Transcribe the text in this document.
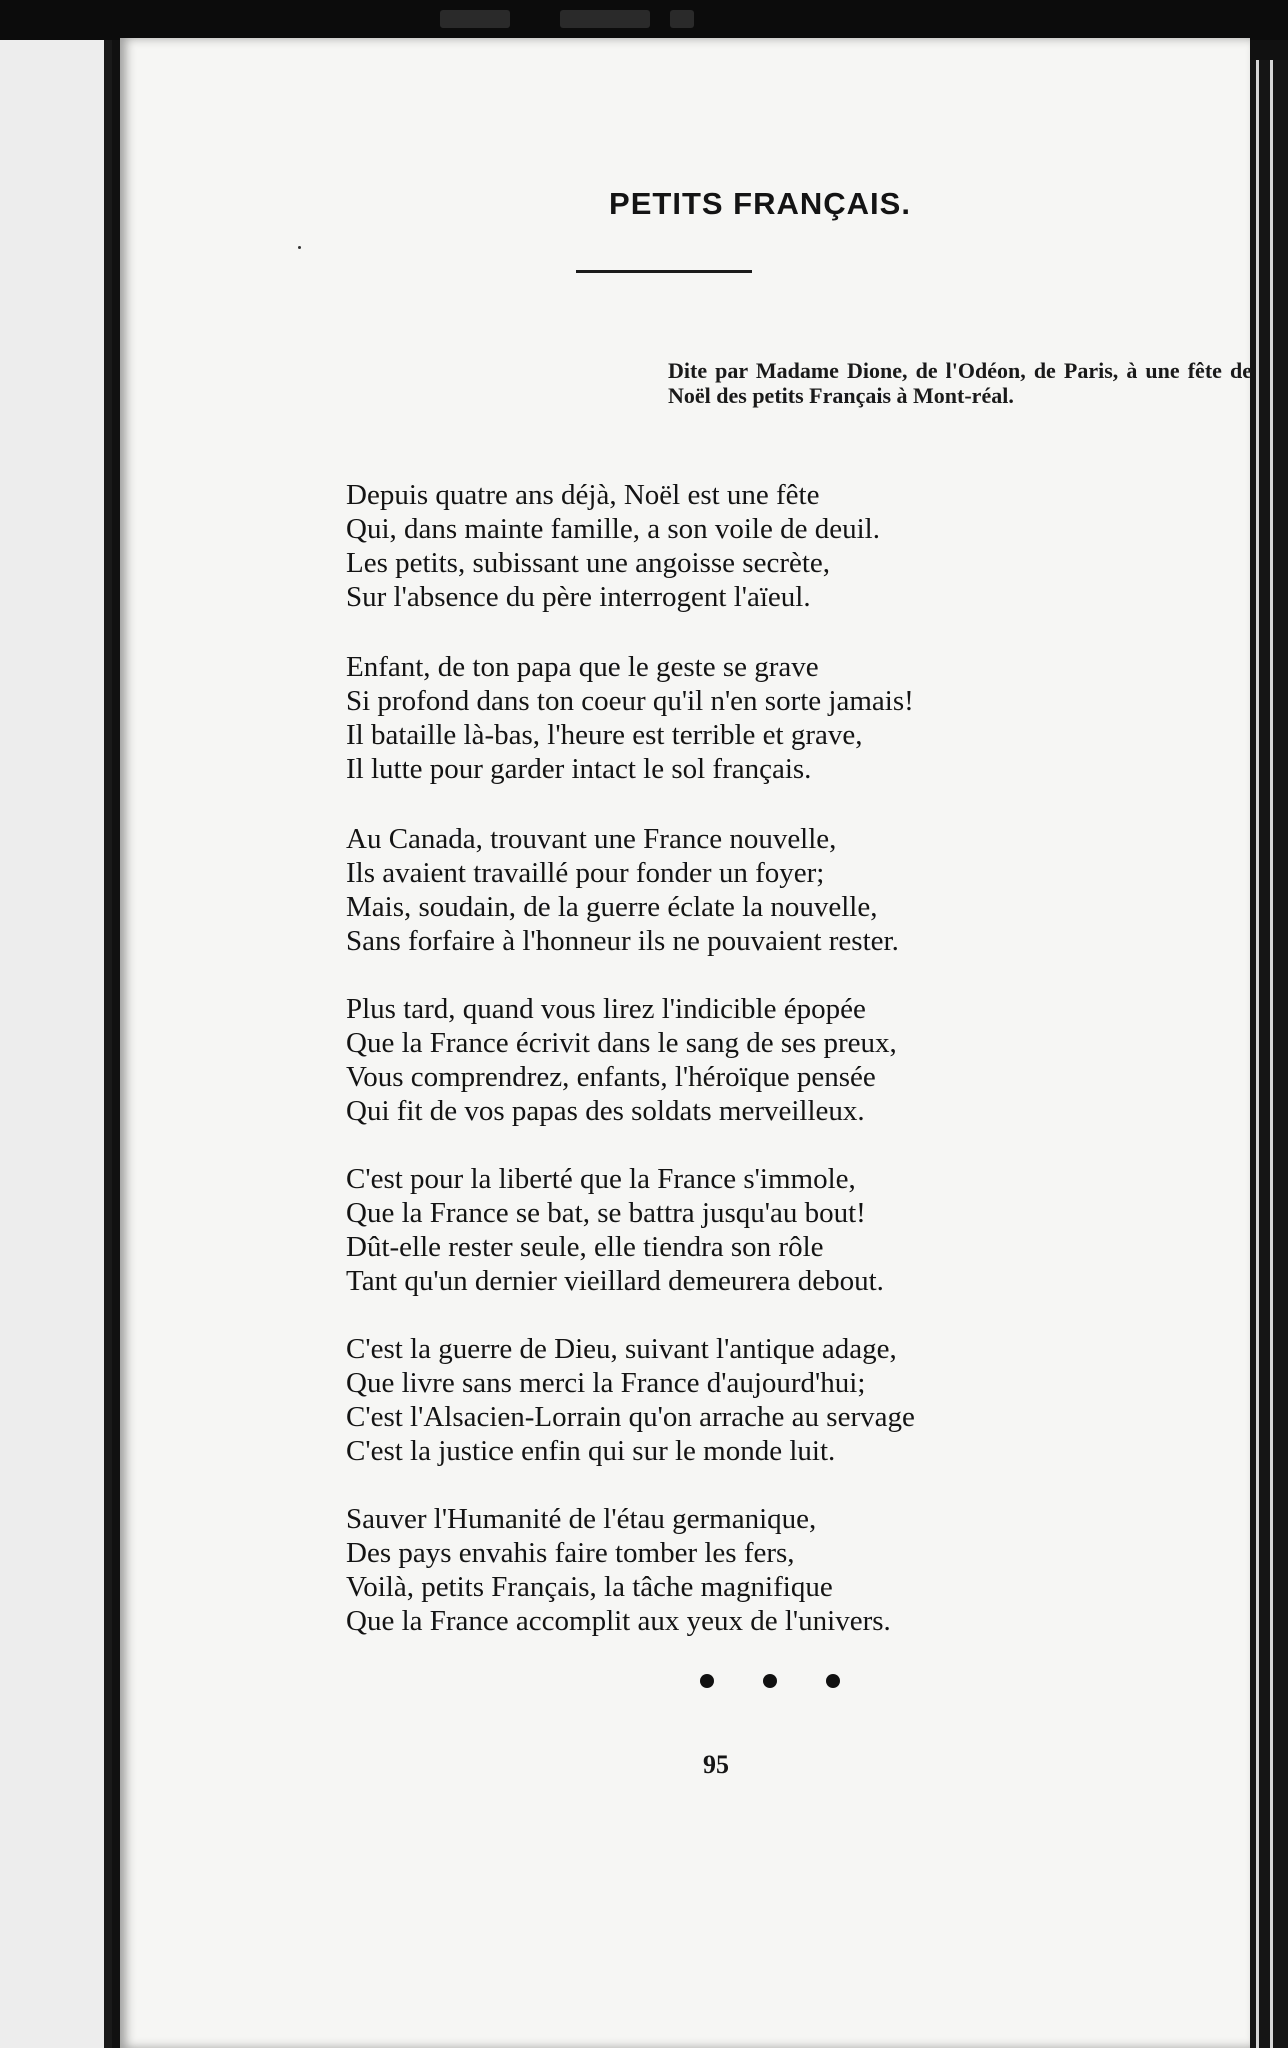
PETITS FRANÇAIS.
Dite par Madame Dione, de l'Odéon, de Paris, à une fête de Noël des petits Français à Mont-réal.
Depuis quatre ans déjà, Noël est une fête
Qui, dans mainte famille, a son voile de deuil.
Les petits, subissant une angoisse secrète,
Sur l'absence du père interrogent l'aïeul.
Enfant, de ton papa que le geste se grave
Si profond dans ton coeur qu'il n'en sorte jamais!
Il bataille là-bas, l'heure est terrible et grave,
Il lutte pour garder intact le sol français.
Au Canada, trouvant une France nouvelle,
Ils avaient travaillé pour fonder un foyer;
Mais, soudain, de la guerre éclate la nouvelle,
Sans forfaire à l'honneur ils ne pouvaient rester.
Plus tard, quand vous lirez l'indicible épopée
Que la France écrivit dans le sang de ses preux,
Vous comprendrez, enfants, l'héroïque pensée
Qui fit de vos papas des soldats merveilleux.
C'est pour la liberté que la France s'immole,
Que la France se bat, se battra jusqu'au bout!
Dût-elle rester seule, elle tiendra son rôle
Tant qu'un dernier vieillard demeurera debout.
C'est la guerre de Dieu, suivant l'antique adage,
Que livre sans merci la France d'aujourd'hui;
C'est l'Alsacien-Lorrain qu'on arrache au servage
C'est la justice enfin qui sur le monde luit.
Sauver l'Humanité de l'étau germanique,
Des pays envahis faire tomber les fers,
Voilà, petits Français, la tâche magnifique
Que la France accomplit aux yeux de l'univers.
95
